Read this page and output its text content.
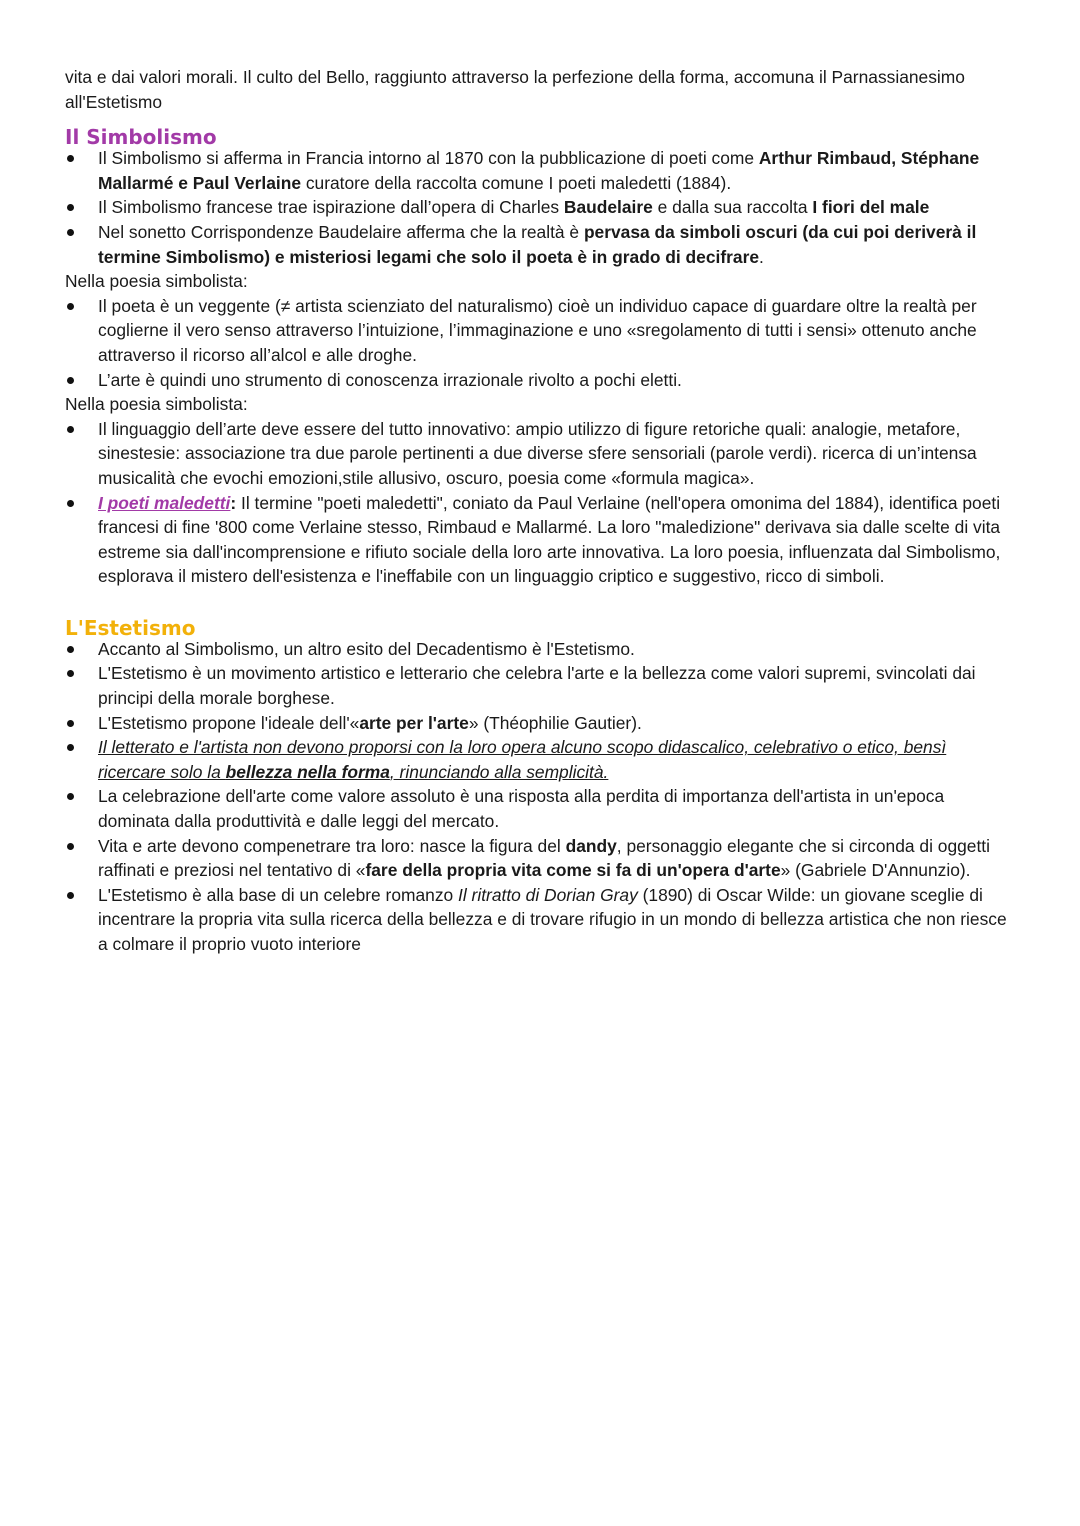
vita e dai valori morali. Il culto del Bello, raggiunto attraverso la perfezione della forma, accomuna il Parnassianesimo all'Estetismo

Il Simbolismo
Il Simbolismo si afferma in Francia intorno al 1870 con la pubblicazione di poeti come Arthur Rimbaud, Stéphane Mallarmé e Paul Verlaine curatore della raccolta comune I poeti maledetti (1884).
Il Simbolismo francese trae ispirazione dall’opera di Charles Baudelaire e dalla sua raccolta I fiori del male
Nel sonetto Corrispondenze Baudelaire afferma che la realtà è pervasa da simboli oscuri (da cui poi deriverà il termine Simbolismo) e misteriosi legami che solo il poeta è in grado di decifrare.

Nella poesia simbolista:

Il poeta è un veggente (≠ artista scienziato del naturalismo) cioè un individuo capace di guardare oltre la realtà per coglierne il vero senso attraverso l’intuizione, l’immaginazione e uno «sregolamento di tutti i sensi» ottenuto anche attraverso il ricorso all’alcol e alle droghe.
L’arte è quindi uno strumento di conoscenza irrazionale rivolto a pochi eletti.

Nella poesia simbolista:

Il linguaggio dell’arte deve essere del tutto innovativo: ampio utilizzo di figure retoriche quali: analogie, metafore, sinestesie: associazione tra due parole pertinenti a due diverse sfere sensoriali (parole verdi). ricerca di un’intensa musicalità che evochi emozioni,stile allusivo, oscuro, poesia come «formula magica».
I poeti maledetti: Il termine "poeti maledetti", coniato da Paul Verlaine (nell'opera omonima del 1884), identifica poeti francesi di fine '800 come Verlaine stesso, Rimbaud e Mallarmé. La loro "maledizione" derivava sia dalle scelte di vita estreme sia dall'incomprensione e rifiuto sociale della loro arte innovativa. La loro poesia, influenzata dal Simbolismo, esplorava il mistero dell'esistenza e l'ineffabile con un linguaggio criptico e suggestivo, ricco di simboli.
L'Estetismo
Accanto al Simbolismo, un altro esito del Decadentismo è l'Estetismo.
L'Estetismo è un movimento artistico e letterario che celebra l'arte e la bellezza come valori supremi, svincolati dai principi della morale borghese.
L'Estetismo propone l'ideale dell'«arte per l'arte» (Théophilie Gautier).
Il letterato e l'artista non devono proporsi con la loro opera alcuno scopo didascalico, celebrativo o etico, bensì ricercare solo la bellezza nella forma, rinunciando alla semplicità.
La celebrazione dell'arte come valore assoluto è una risposta alla perdita di importanza dell'artista in un'epoca dominata dalla produttività e dalle leggi del mercato.
Vita e arte devono compenetrare tra loro: nasce la figura del dandy, personaggio elegante che si circonda di oggetti raffinati e preziosi nel tentativo di «fare della propria vita come si fa di un'opera d'arte» (Gabriele D'Annunzio).
L'Estetismo è alla base di un celebre romanzo Il ritratto di Dorian Gray (1890) di Oscar Wilde: un giovane sceglie di incentrare la propria vita sulla ricerca della bellezza e di trovare rifugio in un mondo di bellezza artistica che non riesce a colmare il proprio vuoto interiore
